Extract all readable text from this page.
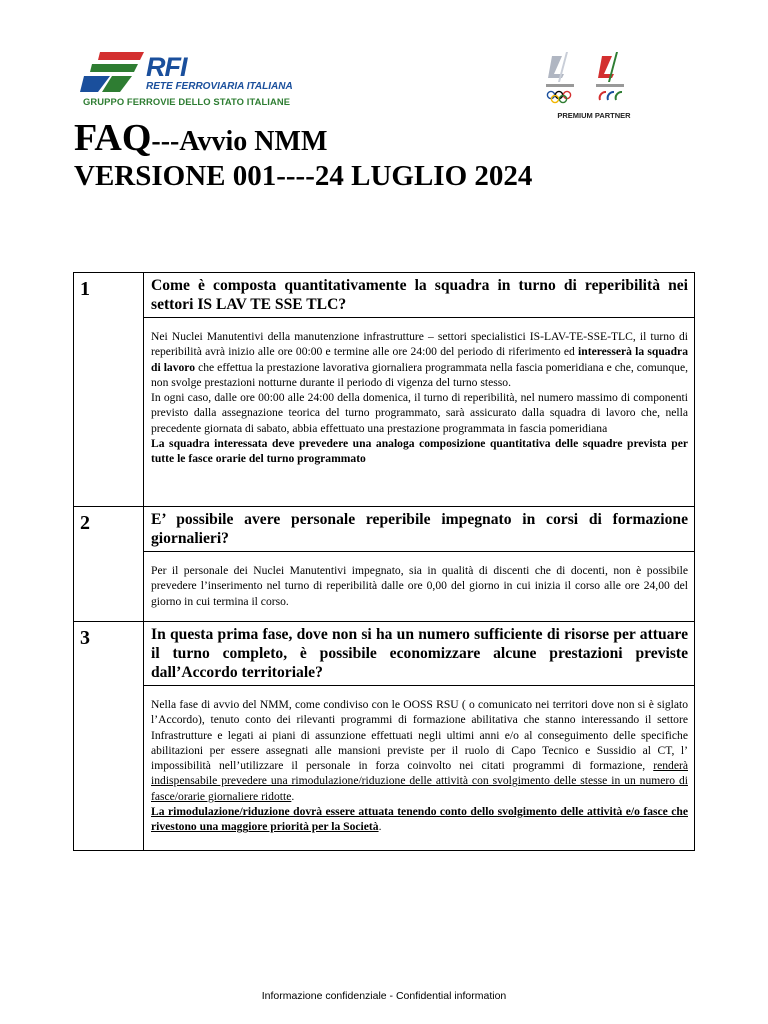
RFI
RETE FERROVIARIA ITALIANA
GRUPPO FERROVIE DELLO STATO ITALIANE
PREMIUM PARTNER
FAQ---Avvio NMM
VERSIONE 001----24 LUGLIO 2024
1	Come è composta quantitativamente la squadra in turno di reperibilità nei settori IS LAV TE SSE TLC?

Nei Nuclei Manutentivi della manutenzione infrastrutture – settori specialistici IS-LAV-TE-SSE-TLC, il turno di reperibilità avrà inizio alle ore 00:00 e termine alle ore 24:00 del periodo di riferimento ed interesserà la squadra di lavoro che effettua la prestazione lavorativa giornaliera programmata nella fascia pomeridiana e che, comunque, non svolge prestazioni notturne durante il periodo di vigenza del turno stesso.

In ogni caso, dalle ore 00:00 alle 24:00 della domenica, il turno di reperibilità, nel numero massimo di componenti previsto dalla assegnazione teorica del turno programmato, sarà assicurato dalla squadra di lavoro che, nella precedente giornata di sabato, abbia effettuato una prestazione programmata in fascia pomeridiana

La squadra interessata deve prevedere una analoga composizione quantitativa delle squadre prevista per tutte le fasce orarie del turno programmato

2	E’ possibile avere personale reperibile impegnato in corsi di formazione giornalieri?

Per il personale dei Nuclei Manutentivi impegnato, sia in qualità di discenti che di docenti, non è possibile prevedere l’inserimento nel turno di reperibilità dalle ore 0,00 del giorno in cui inizia il corso alle ore 24,00 del giorno in cui termina il corso.

3	In questa prima fase, dove non si ha un numero sufficiente di risorse per attuare il turno completo, è possibile economizzare alcune prestazioni previste dall’Accordo territoriale?

Nella fase di avvio del NMM, come condiviso con le OOSS RSU ( o comunicato nei territori dove non si è siglato l’Accordo), tenuto conto dei rilevanti programmi di formazione abilitativa che stanno interessando il settore Infrastrutture e legati ai piani di assunzione effettuati negli ultimi anni e/o al conseguimento delle specifiche abilitazioni per essere assegnati alle mansioni previste per il ruolo di Capo Tecnico e Sussidio al CT, l’ impossibilità nell’utilizzare il personale in forza coinvolto nei citati programmi di formazione, renderà indispensabile prevedere una rimodulazione/riduzione delle attività con svolgimento delle stesse in un numero di fasce/orarie giornaliere ridotte.

La rimodulazione/riduzione dovrà essere attuata tenendo conto dello svolgimento delle attività e/o fasce che rivestono una maggiore priorità per la Società.

Informazione confidenziale - Confidential information
